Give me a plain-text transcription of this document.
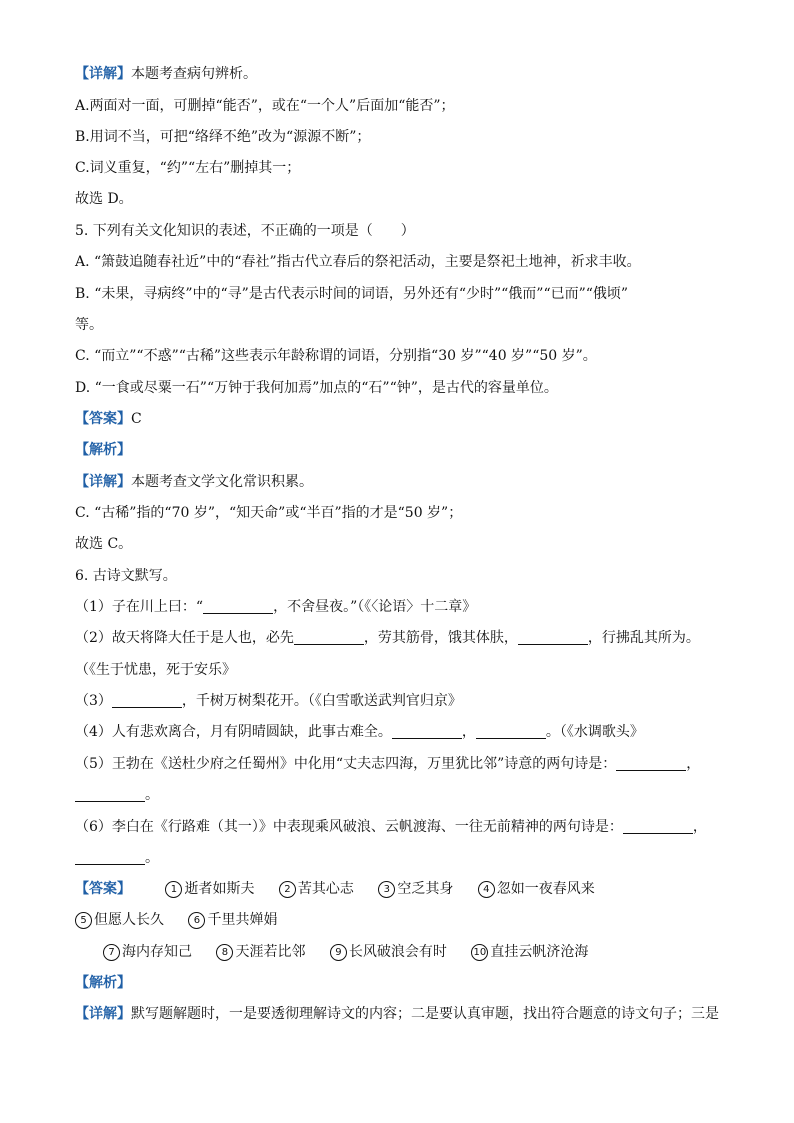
【详解】本题考查病句辨析。
A.两面对一面，可删掉“能否”，或在“一个人”后面加“能否”；
B.用词不当，可把“络绎不绝”改为“源源不断”；
C.词义重复，“约”“左右”删掉其一；
故选 D。
5. 下列有关文化知识的表述，不正确的一项是（　　）
A. “箫鼓追随春社近”中的“春社”指古代立春后的祭祀活动，主要是祭祀土地神，祈求丰收。
B. “未果，寻病终”中的“寻”是古代表示时间的词语，另外还有“少时”“俄而”“已而”“俄顷”
等。
C. “而立”“不惑”“古稀”这些表示年龄称谓的词语，分别指“30 岁”“40 岁”“50 岁”。
D. “一食或尽粟一石”“万钟于我何加焉”加点的“石”“钟”，是古代的容量单位。
【答案】C
【解析】
【详解】本题考查文学文化常识积累。
C. “古稀”指的“70 岁”，“知天命”或“半百”指的才是“50 岁”；
故选 C。
6. 古诗文默写。
（1）子在川上曰：“	，不舍昼夜。”（《〈论语〉十二章》
（2）故天将降大任于是人也，必先	，劳其筋骨，饿其体肤，	，行拂乱其所为。
（《生于忧患，死于安乐》
（3）	，千树万树梨花开。（《白雪歌送武判官归京》
（4）人有悲欢离合，月有阴晴圆缺，此事古难全。	，	。（《水调歌头》
（5）王勃在《送杜少府之任蜀州》中化用“丈夫志四海，万里犹比邻”诗意的两句诗是：	，
。
（6）李白在《行路难（其一）》中表现乘风破浪、云帆渡海、一往无前精神的两句诗是：	，
。
【答案】	1 逝者如斯夫	2 苦其心志	3 空乏其身	4 忽如一夜春风来
5 但愿人长久	6 千里共婵娟
7 海内存知己	8 天涯若比邻	9 长风破浪会有时	10 直挂云帆济沧海
【解析】
【详解】默写题解题时，一是要透彻理解诗文的内容；二是要认真审题，找出符合题意的诗文句子；三是
